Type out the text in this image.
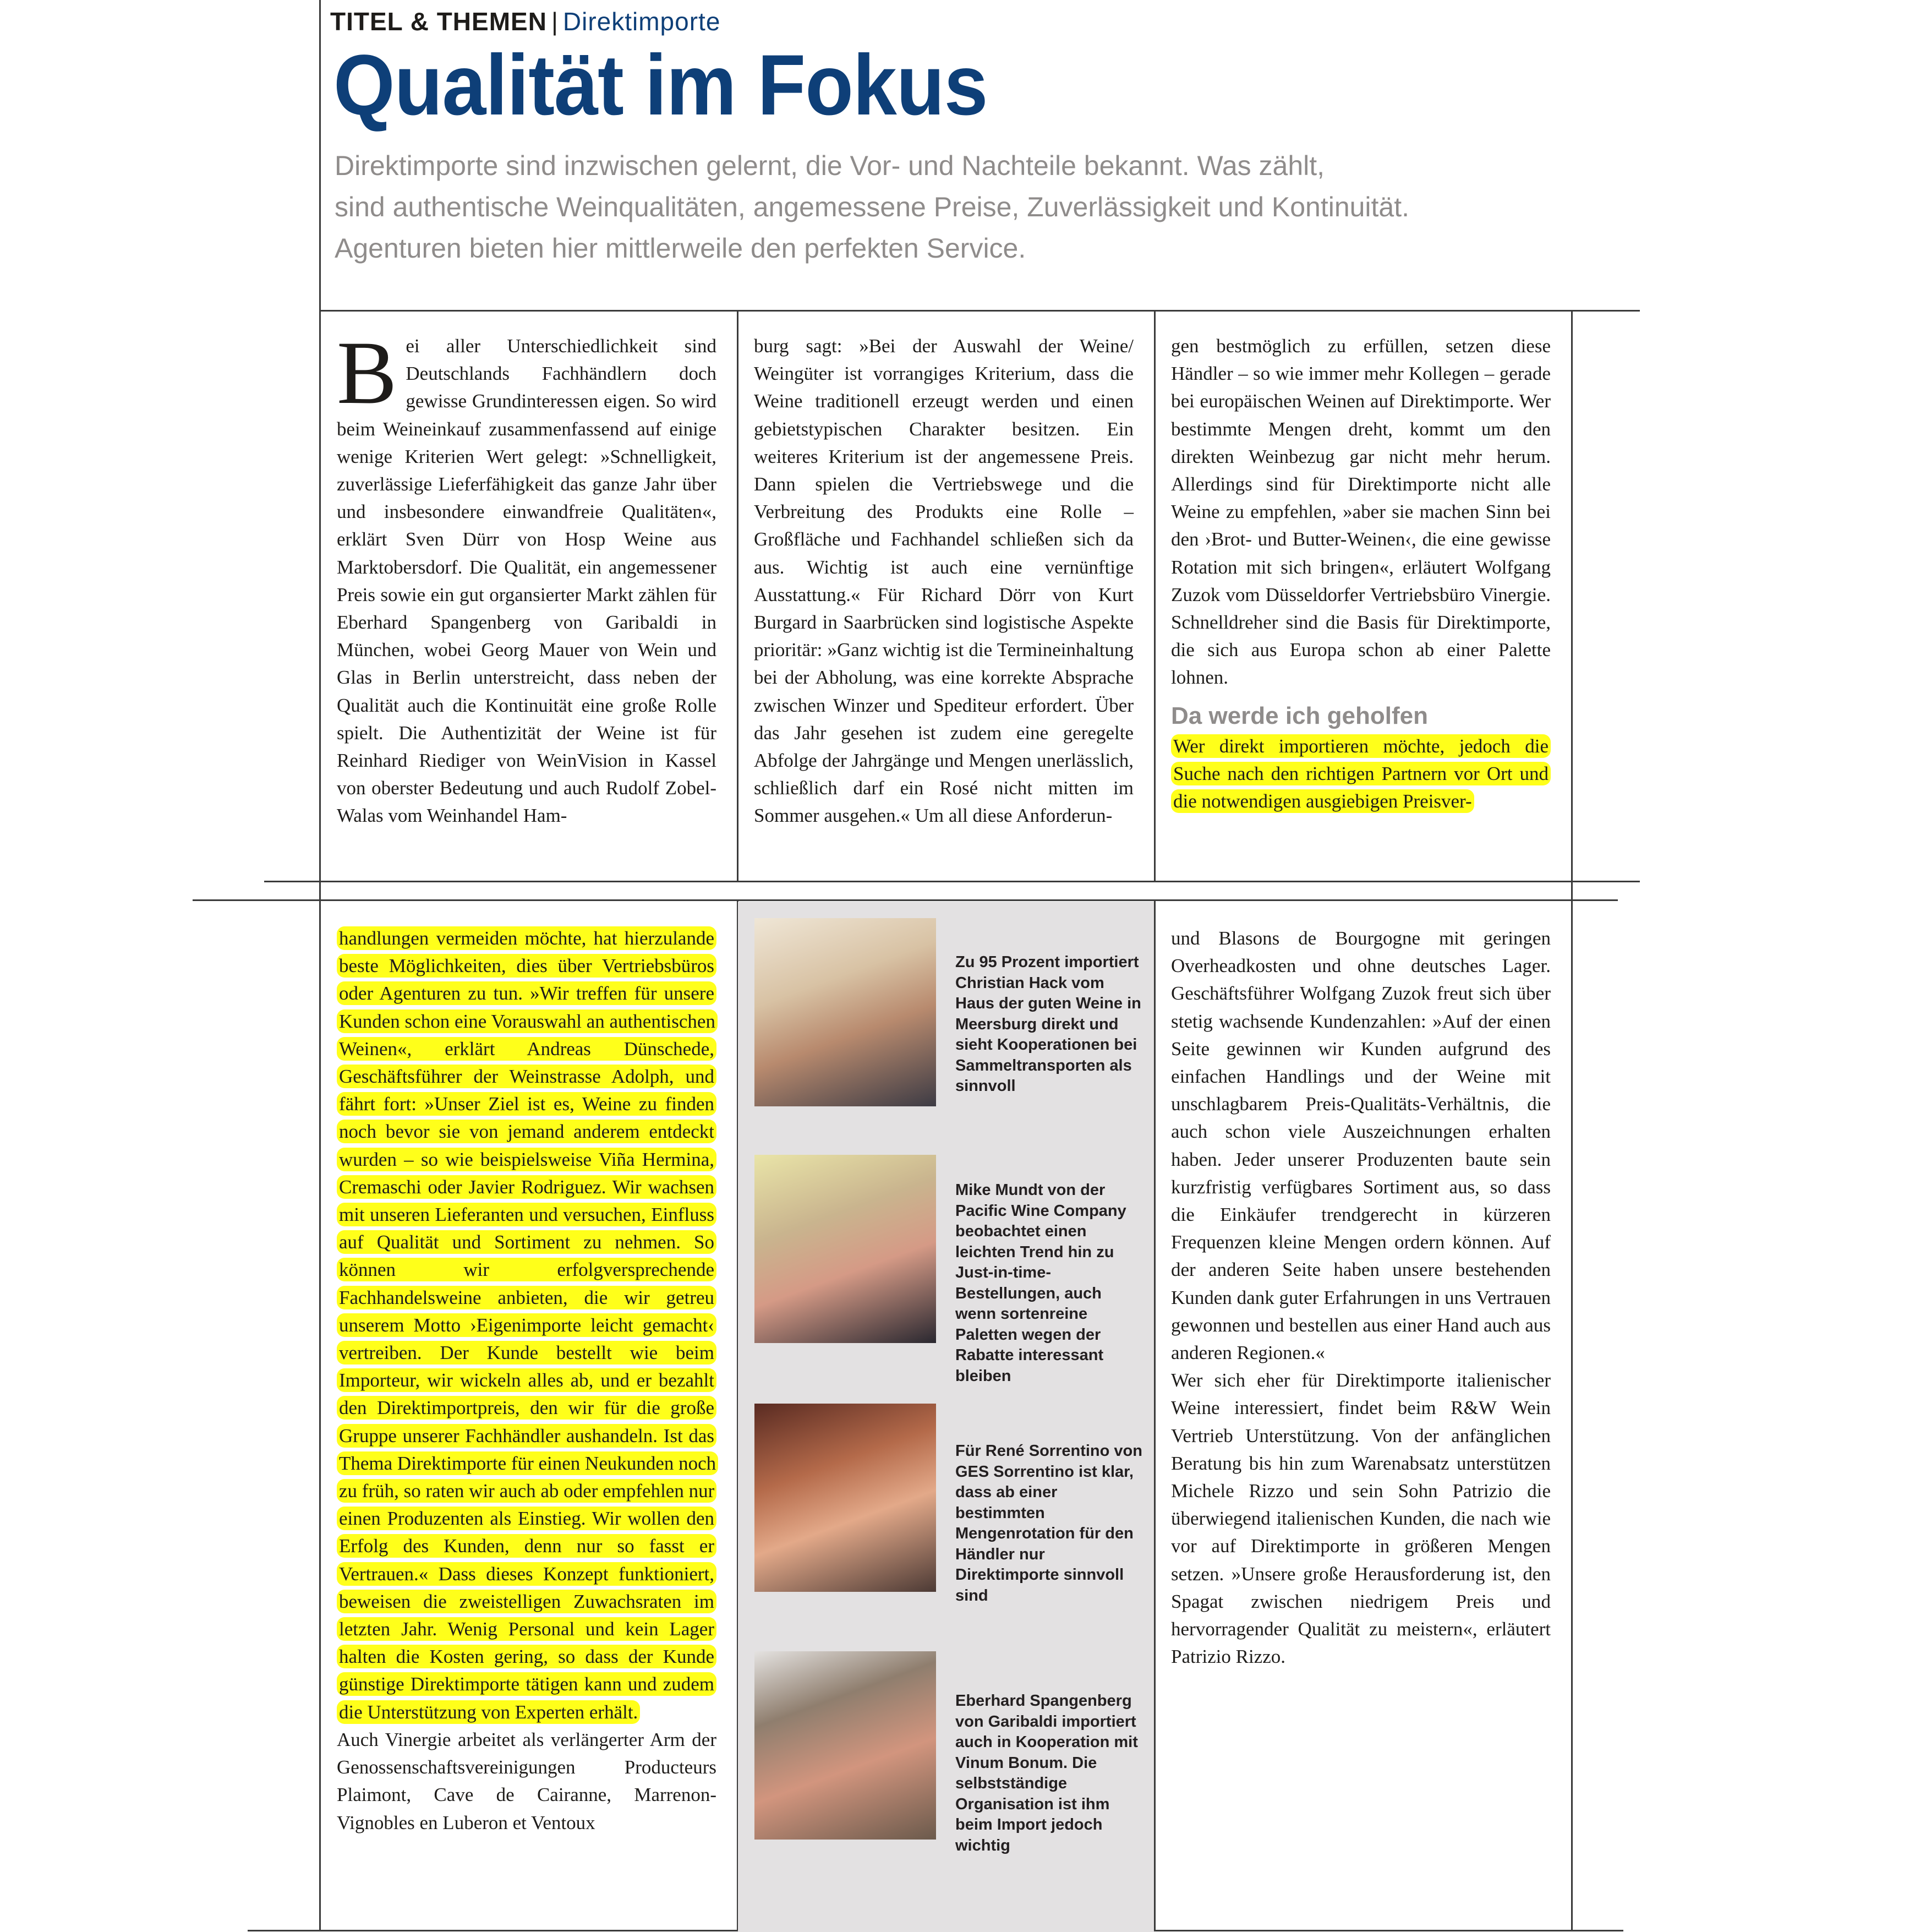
TITEL & THEMEN | Direktimporte
Qualität im Fokus
Direktimporte sind inzwischen gelernt, die Vor- und Nachteile bekannt. Was zählt,
sind authentische Weinqualitäten, angemessene Preise, Zuverlässigkeit und Kontinuität.
Agenturen bieten hier mittlerweile den perfekten Service.

Bei aller Unterschiedlichkeit sind Deutschlands Fachhändlern doch gewisse Grundinteressen eigen. So wird beim Weineinkauf zusammenfassend auf einige wenige Kriterien Wert gelegt: »Schnelligkeit, zuverlässige Lieferfähigkeit das ganze Jahr über und insbesondere einwandfreie Qualitäten«, erklärt Sven Dürr von Hosp Weine aus Marktobersdorf. Die Qualität, ein angemessener Preis sowie ein gut organsierter Markt zählen für Eberhard Spangenberg von Garibaldi in München, wobei Georg Mauer von Wein und Glas in Berlin unterstreicht, dass neben der Qualität auch die Kontinuität eine große Rolle spielt. Die Authentizität der Weine ist für Reinhard Riediger von WeinVision in Kassel von oberster Bedeutung und auch Rudolf Zobel-Walas vom Weinhandel Ham-

burg sagt: »Bei der Auswahl der Weine/ Weingüter ist vorrangiges Kriterium, dass die Weine traditionell erzeugt werden und einen gebietstypischen Charakter besitzen. Ein weiteres Kriterium ist der angemessene Preis. Dann spielen die Vertriebswege und die Verbreitung des Produkts eine Rolle – Großfläche und Fachhandel schließen sich da aus. Wichtig ist auch eine vernünftige Ausstattung.« Für Richard Dörr von Kurt Burgard in Saarbrücken sind logistische Aspekte prioritär: »Ganz wichtig ist die Termineinhaltung bei der Abholung, was eine korrekte Absprache zwischen Winzer und Spediteur erfordert. Über das Jahr gesehen ist zudem eine geregelte Abfolge der Jahrgänge und Mengen unerlässlich, schließlich darf ein Rosé nicht mitten im Sommer ausgehen.« Um all diese Anforderun-

gen bestmöglich zu erfüllen, setzen diese Händler – so wie immer mehr Kollegen – gerade bei europäischen Weinen auf Direktimporte. Wer bestimmte Mengen dreht, kommt um den direkten Weinbezug gar nicht mehr herum. Allerdings sind für Direktimporte nicht alle Weine zu empfehlen, »aber sie machen Sinn bei den ›Brot- und Butter-Weinen‹, die eine gewisse Rotation mit sich bringen«, erläutert Wolfgang Zuzok vom Düsseldorfer Vertriebsbüro Vinergie. Schnelldreher sind die Basis für Direktimporte, die sich aus Europa schon ab einer Palette lohnen.

Da werde ich geholfen

Wer direkt importieren möchte, jedoch die Suche nach den richtigen Partnern vor Ort und die notwendigen ausgiebigen Preisver-

handlungen vermeiden möchte, hat hierzulande beste Möglichkeiten, dies über Vertriebsbüros oder Agenturen zu tun. »Wir treffen für unsere Kunden schon eine Vorauswahl an authentischen Weinen«, erklärt Andreas Dünschede, Geschäftsführer der Weinstrasse Adolph, und fährt fort: »Unser Ziel ist es, Weine zu finden noch bevor sie von jemand anderem entdeckt wurden – so wie beispielsweise Viña Hermina, Cremaschi oder Javier Rodriguez. Wir wachsen mit unseren Lieferanten und versuchen, Einfluss auf Qualität und Sortiment zu nehmen. So können wir erfolgversprechende Fachhandelsweine anbieten, die wir getreu unserem Motto ›Eigenimporte leicht gemacht‹ vertreiben. Der Kunde bestellt wie beim Importeur, wir wickeln alles ab, und er bezahlt den Direktimportpreis, den wir für die große Gruppe unserer Fachhändler aushandeln. Ist das Thema Direktimporte für einen Neukunden noch zu früh, so raten wir auch ab oder empfehlen nur einen Produzenten als Einstieg. Wir wollen den Erfolg des Kunden, denn nur so fasst er Vertrauen.« Dass dieses Konzept funktioniert, beweisen die zweistelligen Zuwachsraten im letzten Jahr. Wenig Personal und kein Lager halten die Kosten gering, so dass der Kunde günstige Direktimporte tätigen kann und zudem die Unterstützung von Experten erhält.

Auch Vinergie arbeitet als verlängerter Arm der Genossenschaftsvereinigungen Producteurs Plaimont, Cave de Cairanne, Marrenon-Vignobles en Luberon et Ventoux

Zu 95 Prozent importiert Christian Hack vom Haus der guten Weine in Meersburg direkt und sieht Kooperationen bei Sammeltransporten als sinnvoll
Mike Mundt von der Pacific Wine Company beobachtet einen leichten Trend hin zu Just-in-time-Bestellungen, auch wenn sortenreine Paletten wegen der Rabatte interessant bleiben
Für René Sorrentino von GES Sorrentino ist klar, dass ab einer bestimmten Mengenrotation für den Händler nur Direktimporte sinnvoll sind
Eberhard Spangenberg von Garibaldi importiert auch in Kooperation mit Vinum Bonum. Die selbstständige Organisation ist ihm beim Import jedoch wichtig

und Blasons de Bourgogne mit geringen Overheadkosten und ohne deutsches Lager. Geschäftsführer Wolfgang Zuzok freut sich über stetig wachsende Kundenzahlen: »Auf der einen Seite gewinnen wir Kunden aufgrund des einfachen Handlings und der Weine mit unschlagbarem Preis-Qualitäts-Verhältnis, die auch schon viele Auszeichnungen erhalten haben. Jeder unserer Produzenten baute sein kurzfristig verfügbares Sortiment aus, so dass die Einkäufer trendgerecht in kürzeren Frequenzen kleine Mengen ordern können. Auf der anderen Seite haben unsere bestehenden Kunden dank guter Erfahrungen in uns Vertrauen gewonnen und bestellen aus einer Hand auch aus anderen Regionen.«

Wer sich eher für Direktimporte italienischer Weine interessiert, findet beim R&W Wein Vertrieb Unterstützung. Von der anfänglichen Beratung bis hin zum Warenabsatz unterstützen Michele Rizzo und sein Sohn Patrizio die überwiegend italienischen Kunden, die nach wie vor auf Direktimporte in größeren Mengen setzen. »Unsere große Herausforderung ist, den Spagat zwischen niedrigem Preis und hervorragender Qualität zu meistern«, erläutert Patrizio Rizzo.
